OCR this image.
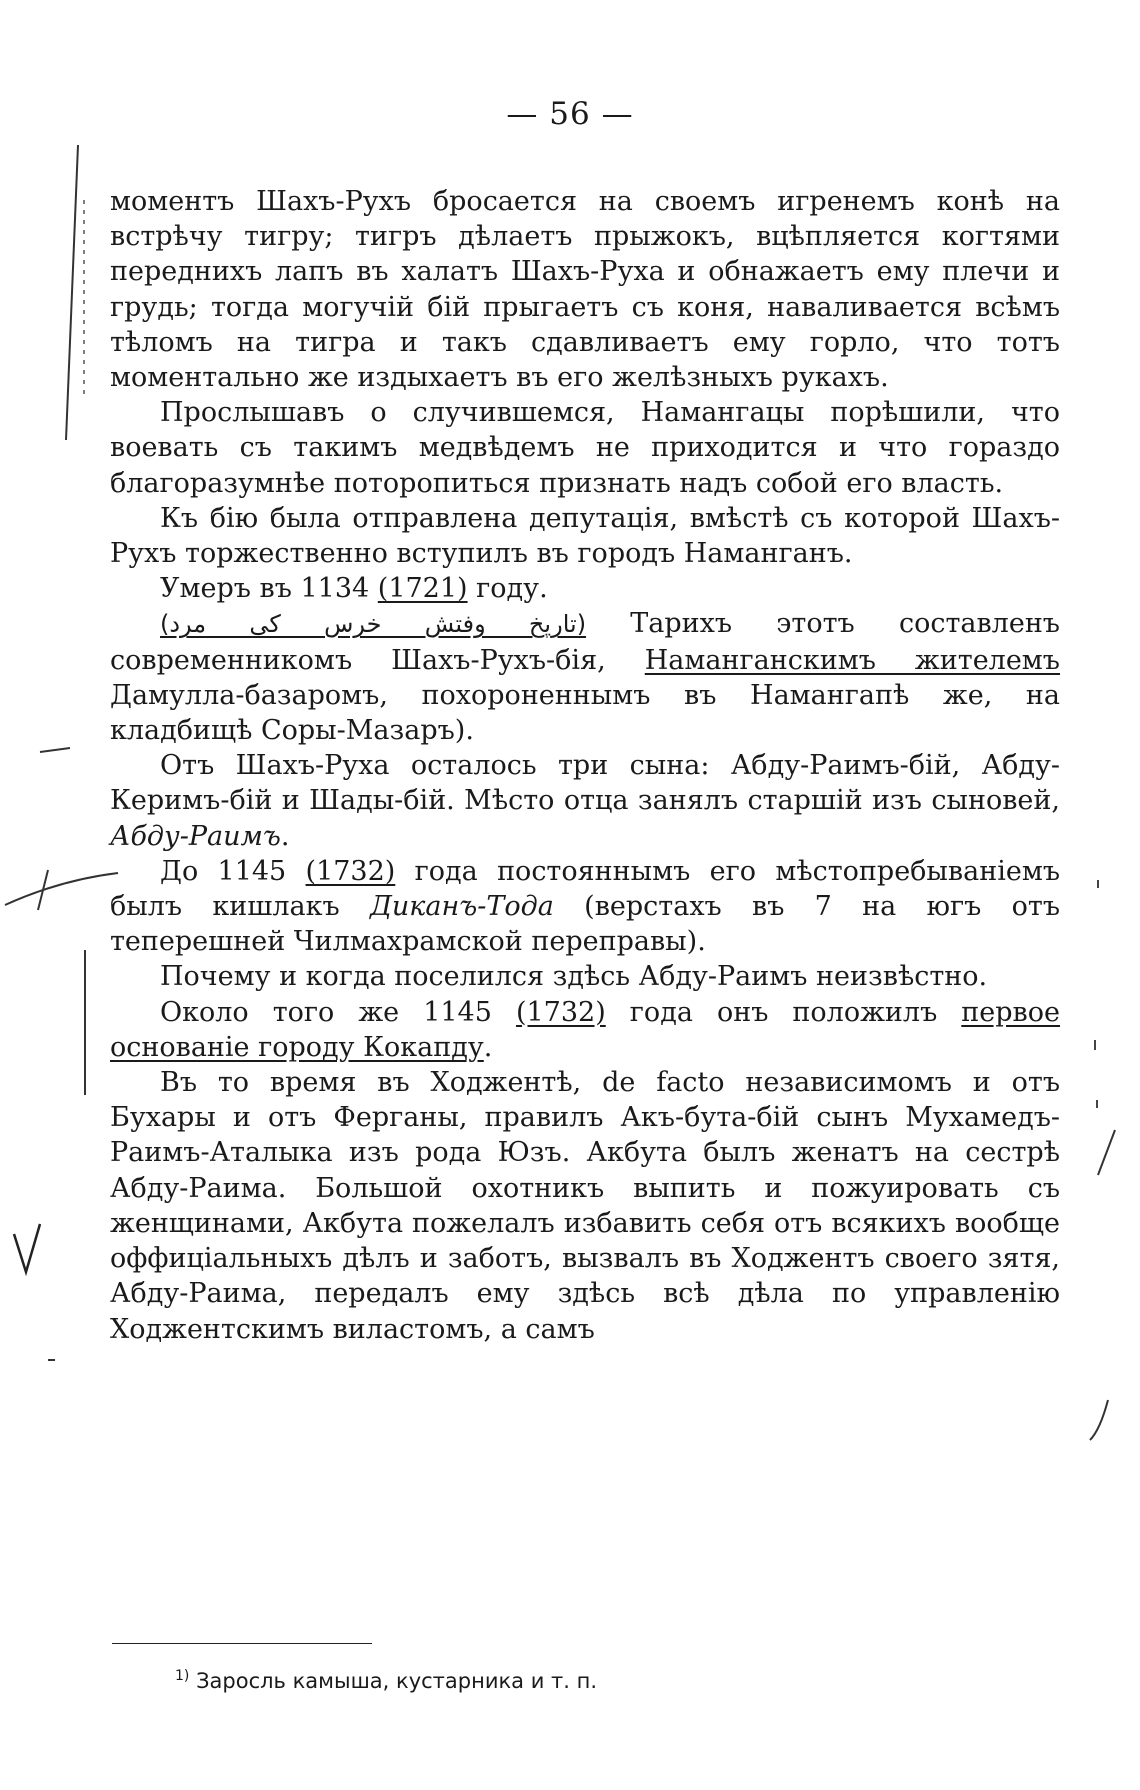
— 56 —
моментъ Шахъ-Рухъ бросается на своемъ игренемъ конѣ на встрѣчу тигру; тигръ дѣлаетъ прыжокъ, вцѣпляется когтями переднихъ лапъ въ халатъ Шахъ-Руха и обнажаетъ ему плечи и грудь; тогда могучій бій прыгаетъ съ коня, наваливается всѣмъ тѣломъ на тигра и такъ сдавливаетъ ему горло, что тотъ моментально же издыхаетъ въ его желѣзныхъ рукахъ.
Прослышавъ о случившемся, Намангацы порѣшили, что воевать съ такимъ медвѣдемъ не приходится и что гораздо благоразумнѣе поторопиться признать надъ собой его власть.
Къ бію была отправлена депутація, вмѣстѣ съ которой Шахъ-Рухъ торжественно вступилъ въ городъ Наманганъ.
Умеръ въ 1134 (1721) году.
(تاریخ وفتش خرس کی مرد) Тарихъ этотъ составленъ современникомъ Шахъ-Рухъ-бія, Наманганскимъ жителемъ Дамулла-базаромъ, похороненнымъ въ Намангапѣ же, на кладбищѣ Соры-Мазаръ).
Отъ Шахъ-Руха осталось три сына: Абду-Раимъ-бій, Абду-Керимъ-бій и Шады-бій. Мѣсто отца занялъ старшій изъ сыновей, Абду-Раимъ.
До 1145 (1732) года постояннымъ его мѣстопребываніемъ былъ кишлакъ Диканъ-Тода (верстахъ въ 7 на югъ отъ теперешней Чилмахрамской переправы).
Почему и когда поселился здѣсь Абду-Раимъ неизвѣстно.
Около того же 1145 (1732) года онъ положилъ первое основаніе городу Кокапду.
Въ то время въ Ходжентѣ, de facto независимомъ и отъ Бухары и отъ Ферганы, правилъ Акъ-бута-бій сынъ Мухамедъ-Раимъ-Аталыка изъ рода Юзъ. Акбута былъ женатъ на сестрѣ Абду-Раима. Большой охотникъ выпить и пожуировать съ женщинами, Акбута пожелалъ избавить себя отъ всякихъ вообще оффиціальныхъ дѣлъ и заботъ, вызвалъ въ Ходжентъ своего зятя, Абду-Раима, передалъ ему здѣсь всѣ дѣла по управленію Ходжентскимъ виластомъ, а самъ
$^{1)}$ Заросль камыша, кустарника и т. п.
